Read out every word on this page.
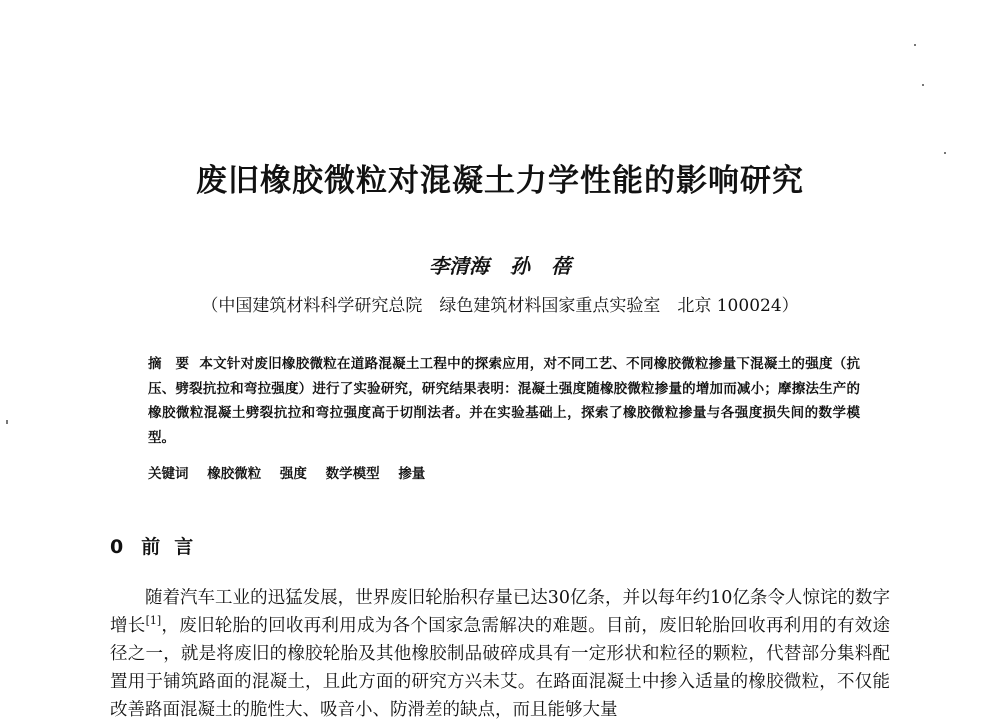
废旧橡胶微粒对混凝土力学性能的影响研究
李清海 孙 蓓
（中国建筑材料科学研究总院　绿色建筑材料国家重点实验室　北京 100024）
摘　要 本文针对废旧橡胶微粒在道路混凝土工程中的探索应用，对不同工艺、不同橡胶微粒掺量下混凝土的强度（抗压、劈裂抗拉和弯拉强度）进行了实验研究，研究结果表明：混凝土强度随橡胶微粒掺量的增加而减小；摩擦法生产的橡胶微粒混凝土劈裂抗拉和弯拉强度高于切削法者。并在实验基础上，探索了橡胶微粒掺量与各强度损失间的数学模型。
关键词 橡胶微粒 强度 数学模型 掺量
0 前言

随着汽车工业的迅猛发展，世界废旧轮胎积存量已达30亿条，并以每年约10亿条令人惊诧的数字增长[1]，废旧轮胎的回收再利用成为各个国家急需解决的难题。目前，废旧轮胎回收再利用的有效途径之一，就是将废旧的橡胶轮胎及其他橡胶制品破碎成具有一定形状和粒径的颗粒，代替部分集料配置用于铺筑路面的混凝土，且此方面的研究方兴未艾。在路面混凝土中掺入适量的橡胶微粒，不仅能改善路面混凝土的脆性大、吸音小、防滑差的缺点，而且能够大量
